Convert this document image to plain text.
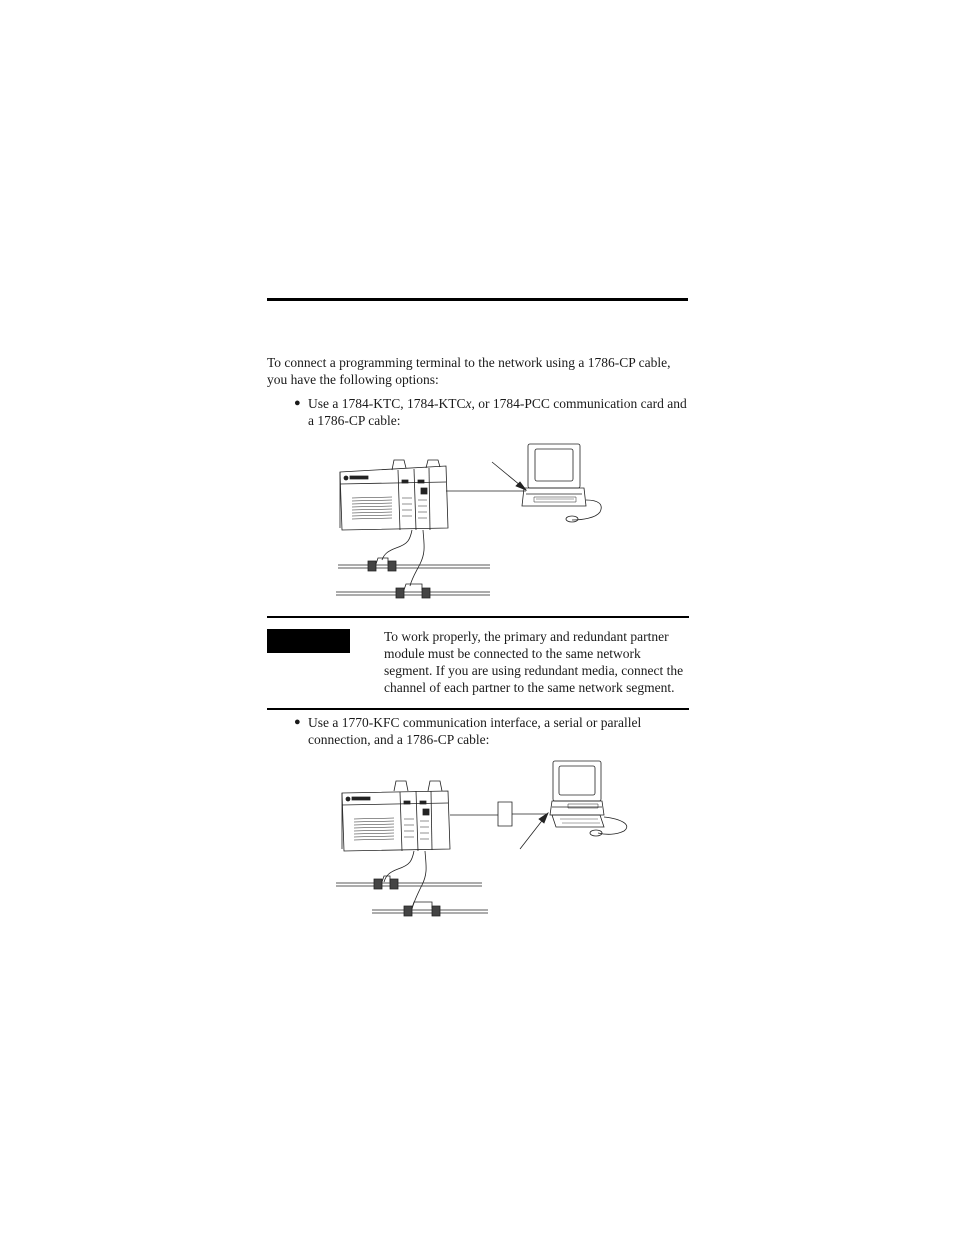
To connect a programming terminal to the network using a 1786-CP cable,
you have the following options:
● Use a 1784-KTC, 1784-KTCx, or 1784-PCC communication card and
a 1786-CP cable:
To work properly, the primary and redundant partner
module must be connected to the same network
segment. If you are using redundant media, connect the
channel of each partner to the same network segment.
● Use a 1770-KFC communication interface, a serial or parallel
connection, and a 1786-CP cable:
